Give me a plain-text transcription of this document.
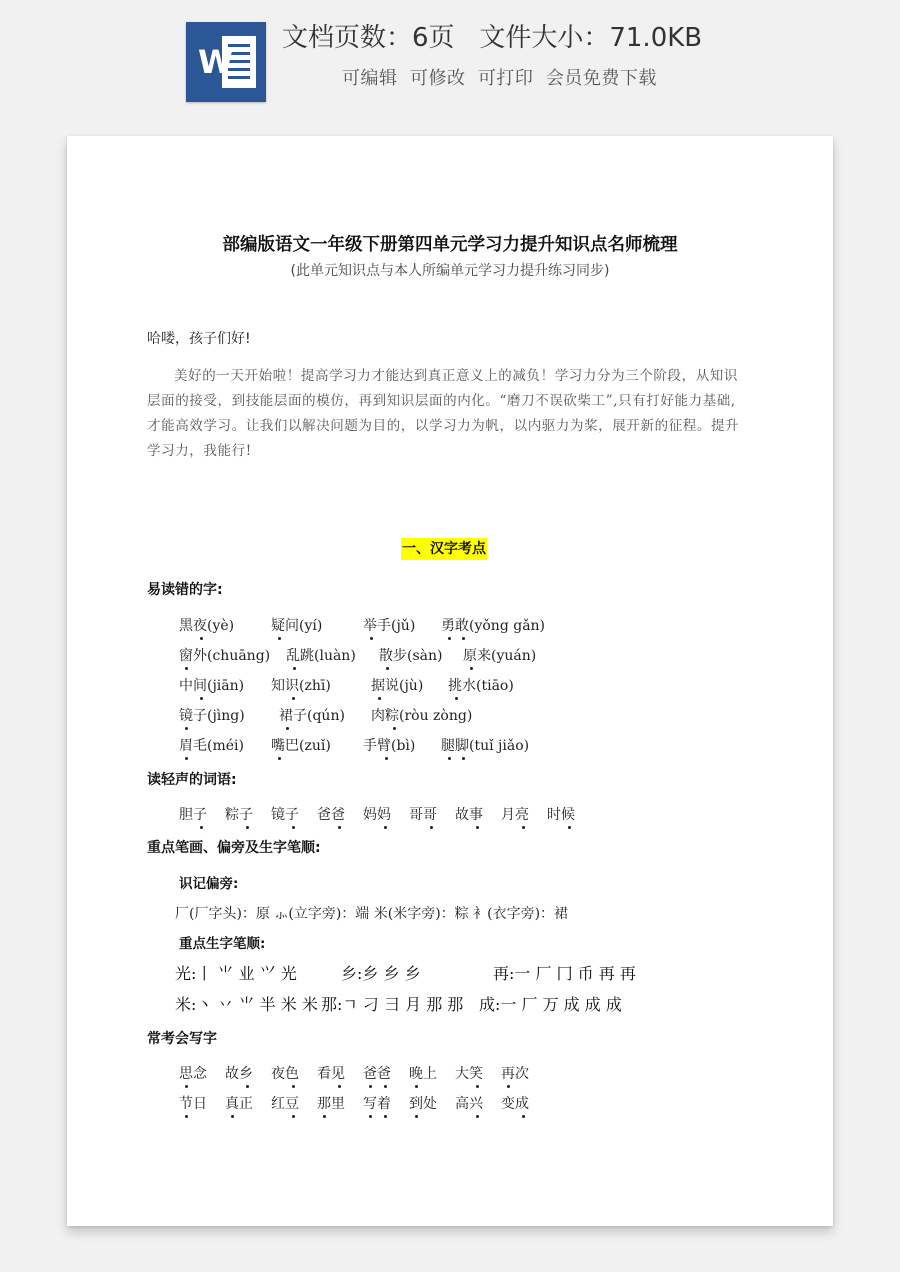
W
文档页数：6页 文件大小：71.0KB
可编辑  可修改  可打印  会员免费下载
部编版语文一年级下册第四单元学习力提升知识点名师梳理
(此单元知识点与本人所编单元学习力提升练习同步)
哈喽，孩子们好!
美好的一天开始啦！提高学习力才能达到真正意义上的减负！学习力分为三个阶段，从知识层面的接受，到技能层面的模仿，再到知识层面的内化。“磨刀不误砍柴工”,只有打好能力基础,才能高效学习。让我们以解决问题为目的，以学习力为帆，以内驱力为桨，展开新的征程。提升学习力，我能行!
一、汉字考点
易读错的字:
黑夜(yè)	疑问(yí)	举手(jǔ) 勇敢(yǒng gǎn)
窗外(chuāng) 乱跳(luàn) 散步(sàn) 原来(yuán)
中间(jiān) 知识(zhī)	据说(jù) 挑水(tiāo)
镜子(jìng) 裙子(qún) 肉粽(ròu zòng)
眉毛(méi) 嘴巴(zuǐ) 手臂(bì) 腿脚(tuǐ jiǎo)
读轻声的词语:
胆子 粽子 镜子 爸爸 妈妈 哥哥 故事 月亮 时候
重点笔画、偏旁及生字笔顺:
识记偏旁:
厂(厂字头)：原 ⺗(立字旁)：端 米(米字旁)：粽 衤(衣字旁)：裙
重点生字笔顺:
光:丨 ⺌ 业 ⺍ 光	乡:乡 乡 乡	再:一 厂 冂 币 再 再
米:丶 丷 ⺌ 半 米 米 那:ㄱ 刁 彐 月 那 那 成:一 厂 万 成 成 成
常考会写字
思念 故乡 夜色 看见 爸爸 晚上 大笑 再次
节日 真正 红豆 那里 写着 到处 高兴 变成
